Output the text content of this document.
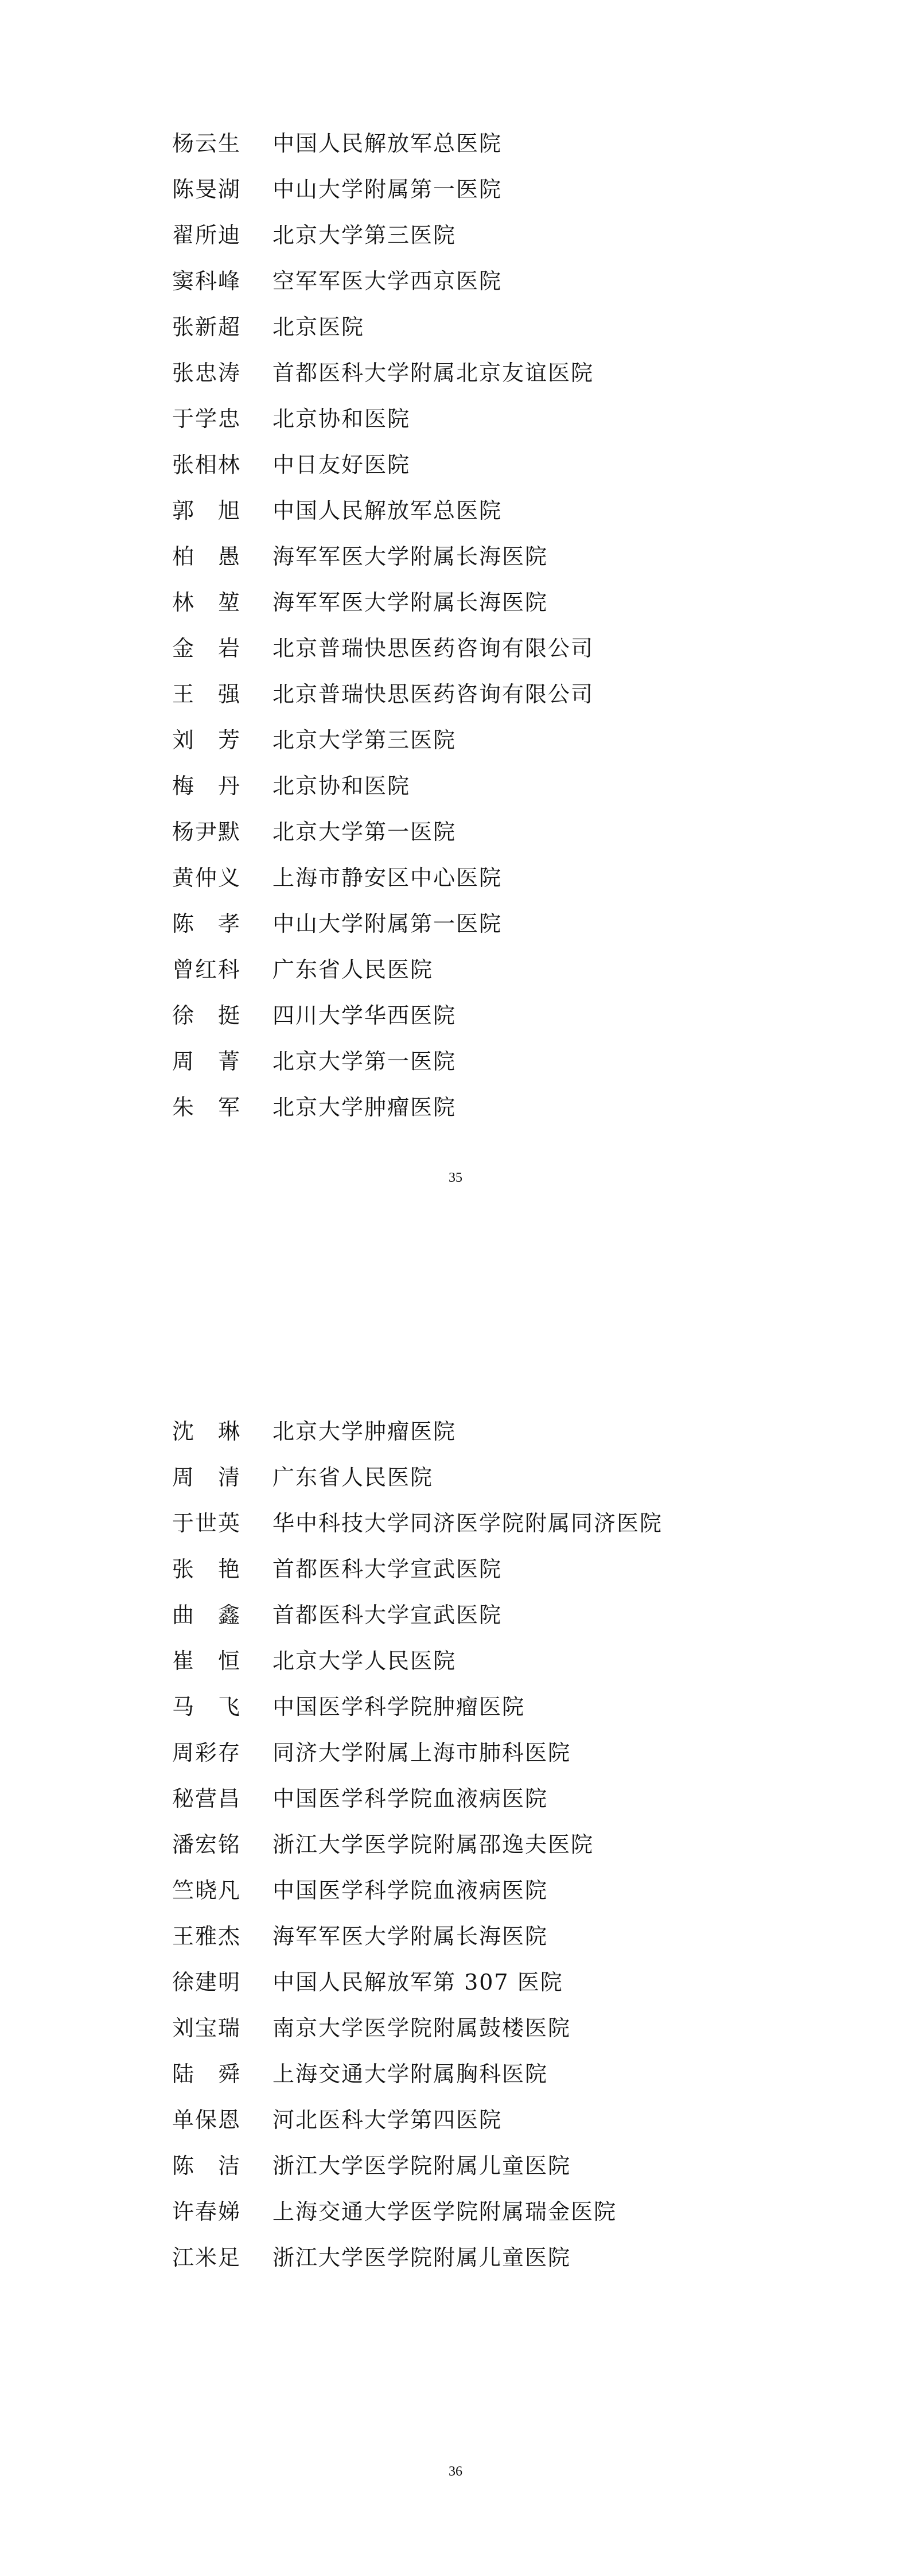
杨云生	中国人民解放军总医院
陈旻湖	中山大学附属第一医院
翟所迪	北京大学第三医院
窦科峰	空军军医大学西京医院
张新超	北京医院
张忠涛	首都医科大学附属北京友谊医院
于学忠	北京协和医院
张相林	中日友好医院
郭　旭	中国人民解放军总医院
柏　愚	海军军医大学附属长海医院
林　堃	海军军医大学附属长海医院
金　岩	北京普瑞快思医药咨询有限公司
王　强	北京普瑞快思医药咨询有限公司
刘　芳	北京大学第三医院
梅　丹	北京协和医院
杨尹默	北京大学第一医院
黄仲义	上海市静安区中心医院
陈　孝	中山大学附属第一医院
曾红科	广东省人民医院
徐　挺	四川大学华西医院
周　菁	北京大学第一医院
朱　军	北京大学肿瘤医院
35
沈　琳	北京大学肿瘤医院
周　清	广东省人民医院
于世英	华中科技大学同济医学院附属同济医院
张　艳	首都医科大学宣武医院
曲　鑫	首都医科大学宣武医院
崔　恒	北京大学人民医院
马　飞	中国医学科学院肿瘤医院
周彩存	同济大学附属上海市肺科医院
秘营昌	中国医学科学院血液病医院
潘宏铭	浙江大学医学院附属邵逸夫医院
竺晓凡	中国医学科学院血液病医院
王雅杰	海军军医大学附属长海医院
徐建明	中国人民解放军第 307 医院
刘宝瑞	南京大学医学院附属鼓楼医院
陆　舜	上海交通大学附属胸科医院
单保恩	河北医科大学第四医院
陈　洁	浙江大学医学院附属儿童医院
许春娣	上海交通大学医学院附属瑞金医院
江米足	浙江大学医学院附属儿童医院
36
